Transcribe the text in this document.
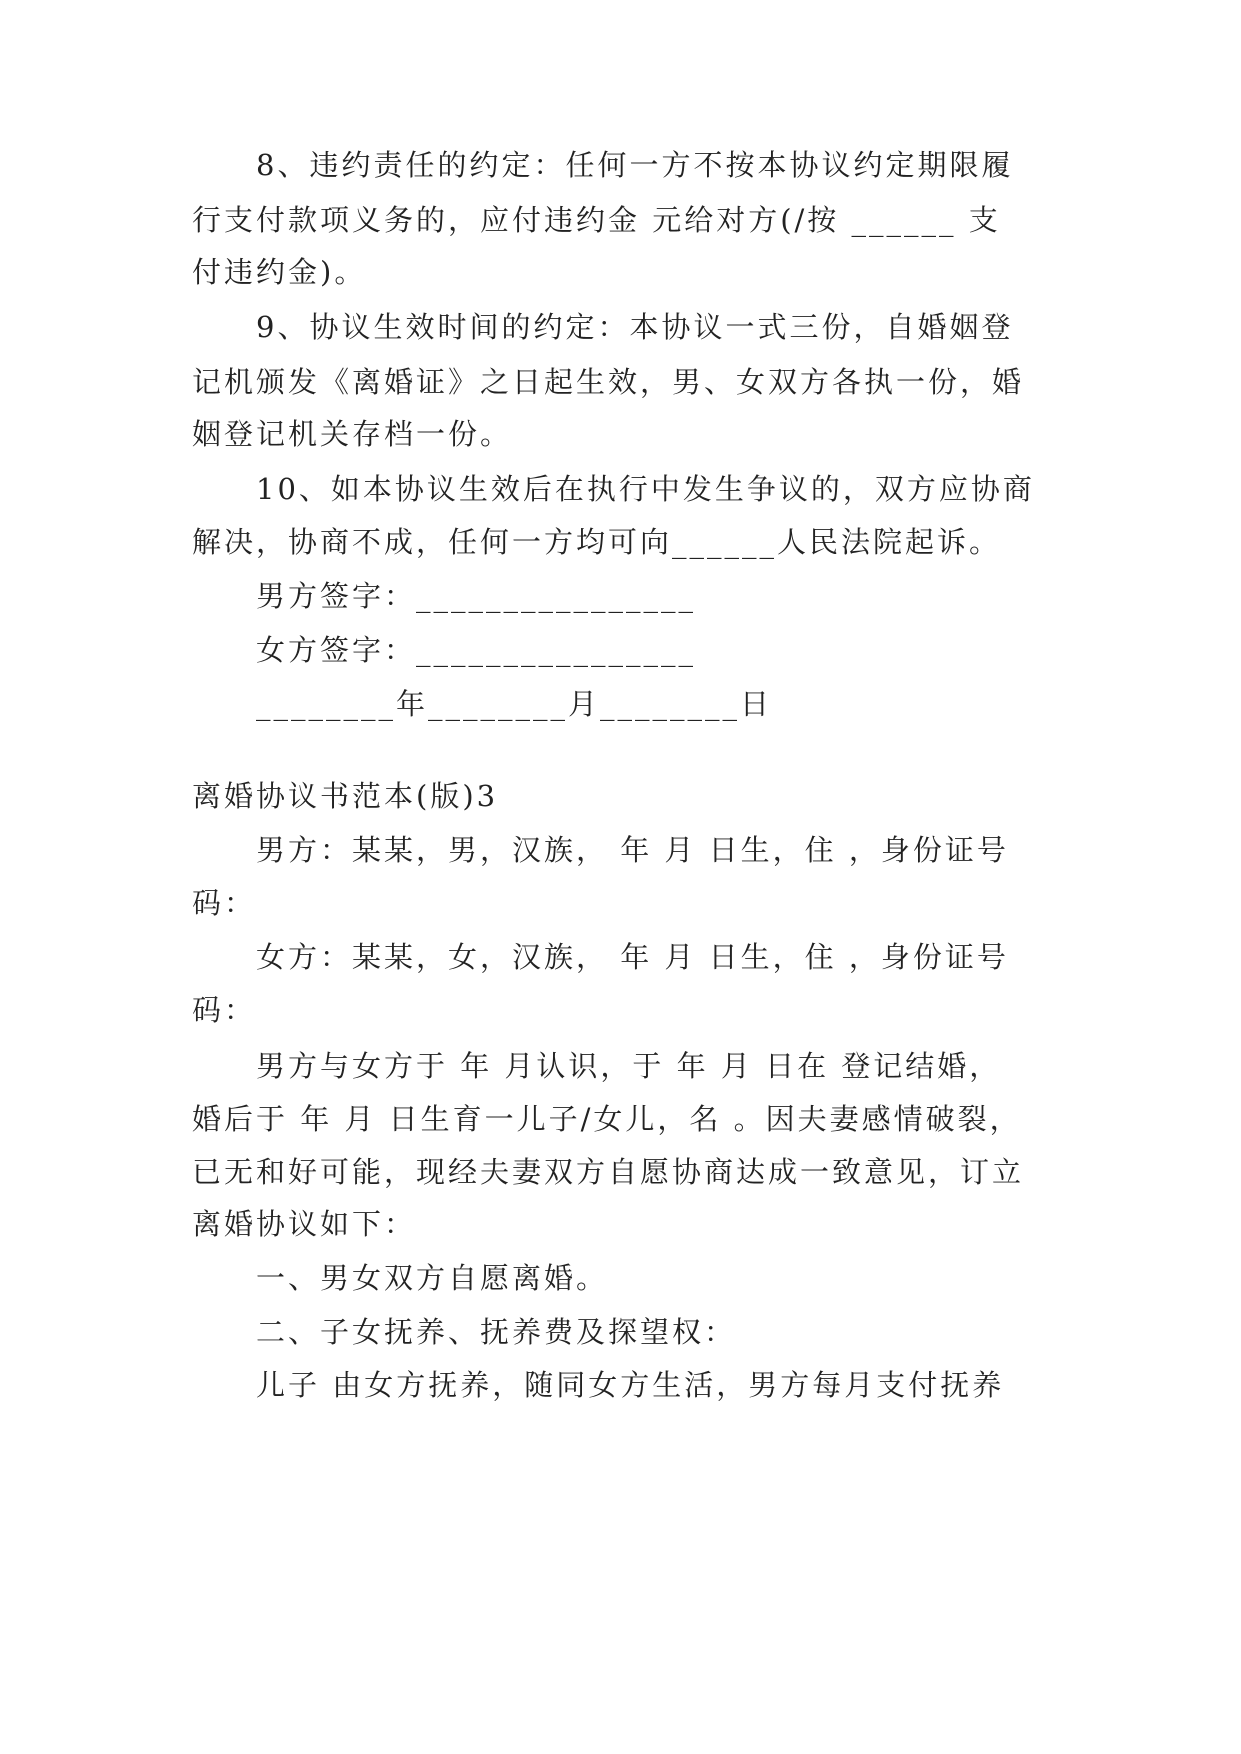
8、违约责任的约定：任何一方不按本协议约定期限履
行支付款项义务的，应付违约金 元给对方(/按 ______ 支
付违约金)。
9、协议生效时间的约定：本协议一式三份，自婚姻登
记机颁发《离婚证》之日起生效，男、女双方各执一份，婚
姻登记机关存档一份。
10、如本协议生效后在执行中发生争议的，双方应协商
解决，协商不成，任何一方均可向______人民法院起诉。
男方签字：________________
女方签字：________________
________年________月________日
离婚协议书范本(版)3
男方：某某，男，汉族， 年 月 日生，住 ，身份证号
码：
女方：某某，女，汉族， 年 月 日生，住 ，身份证号
码：
男方与女方于 年 月认识，于 年 月 日在 登记结婚，
婚后于 年 月 日生育一儿子/女儿，名 。因夫妻感情破裂，
已无和好可能，现经夫妻双方自愿协商达成一致意见，订立
离婚协议如下：
一、男女双方自愿离婚。
二、子女抚养、抚养费及探望权：
儿子 由女方抚养，随同女方生活，男方每月支付抚养
